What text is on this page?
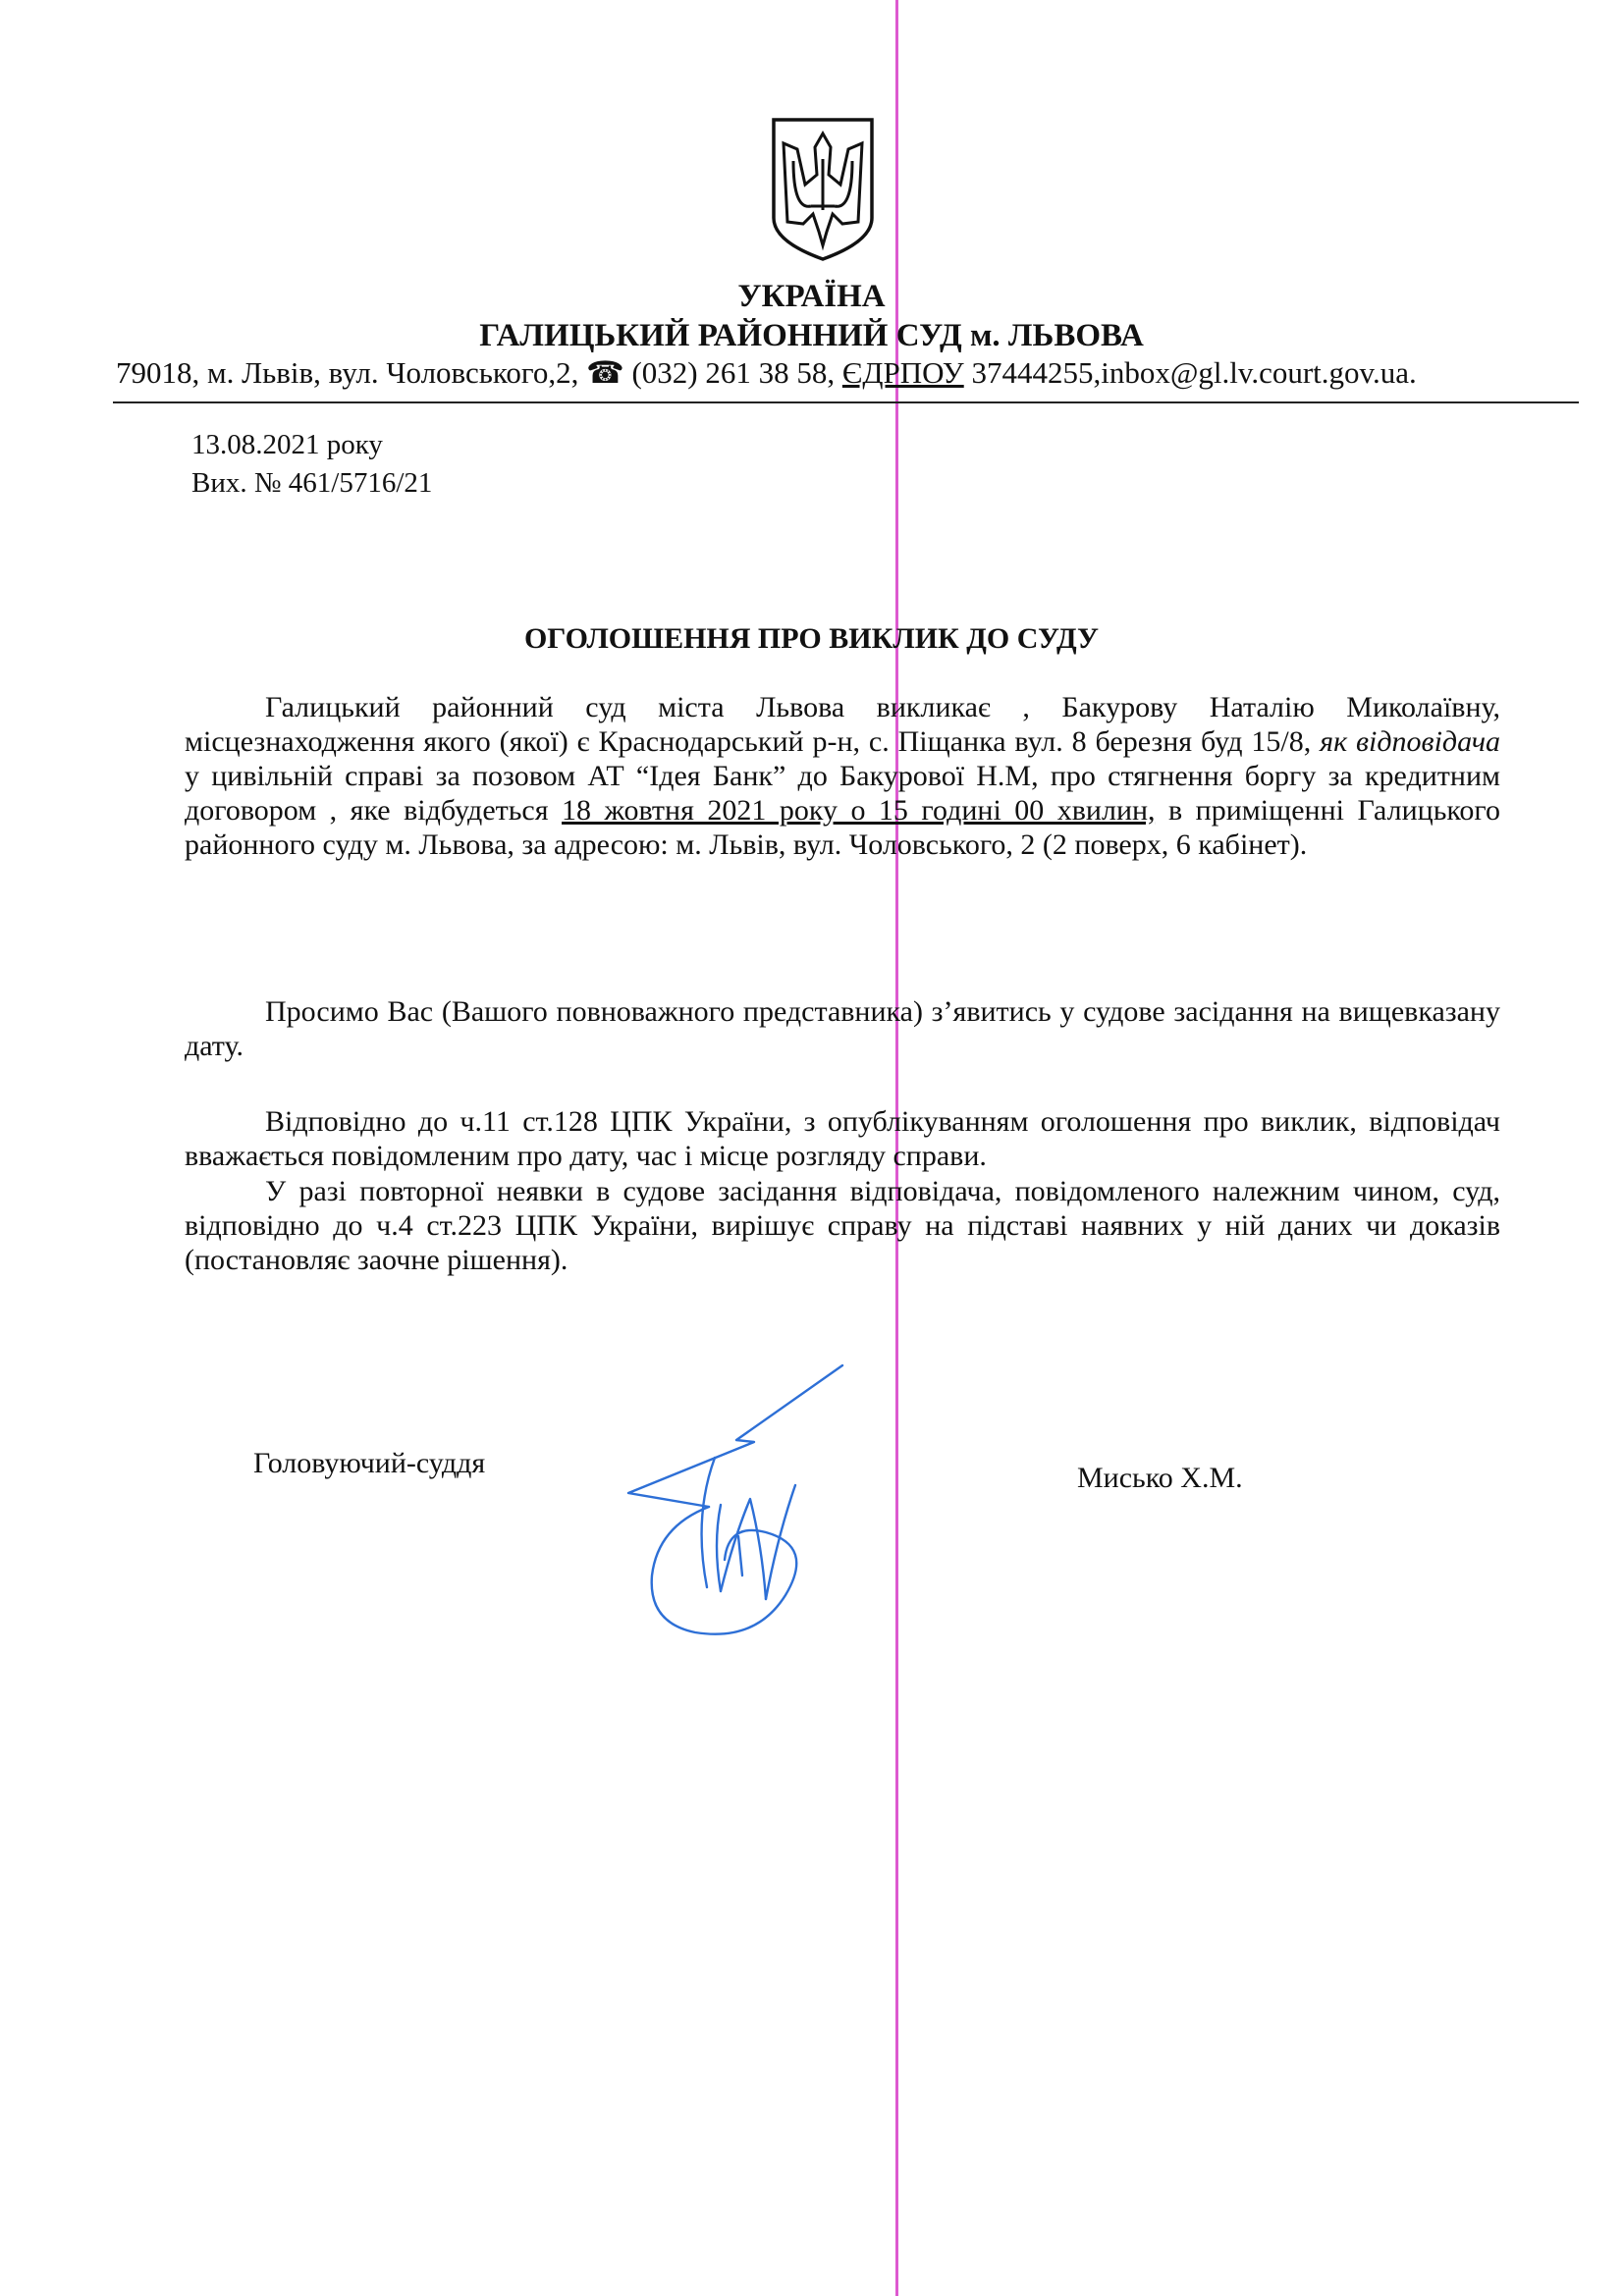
УКРАЇНА
ГАЛИЦЬКИЙ РАЙОННИЙ СУД м. ЛЬВОВА
79018, м. Львів, вул. Чоловського,2, ☎ (032) 261 38 58, ЄДРПОУ 37444255,inbox@gl.lv.court.gov.ua.
13.08.2021 року
Вих. № 461/5716/21
ОГОЛОШЕННЯ ПРО ВИКЛИК ДО СУДУ

Галицький районний суд міста Львова викликає , Бакурову Наталію Миколаївну, місцезнаходження якого (якої) є Краснодарський р-н, с. Піщанка вул. 8 березня буд 15/8, як відповідача у цивільній справі за позовом АТ “Ідея Банк” до Бакурової Н.М, про стягнення боргу за кредитним договором , яке відбудеться 18 жовтня 2021 року о 15 годині 00 хвилин, в приміщенні Галицького районного суду м. Львова, за адресою: м. Львів, вул. Чоловського, 2 (2 поверх, 6 кабінет).

Просимо Вас (Вашого повноважного представника) з’явитись у судове засідання на вищевказану дату.

Відповідно до ч.11 ст.128 ЦПК України, з опублікуванням оголошення про виклик, відповідач вважається повідомленим про дату, час і місце розгляду справи.

У разі повторної неявки в судове засідання відповідача, повідомленого належним чином, суд, відповідно до ч.4 ст.223 ЦПК України, вирішує справу на підставі наявних у ній даних чи доказів (постановляє заочне рішення).

Головуючий-суддя	Мисько Х.М.
